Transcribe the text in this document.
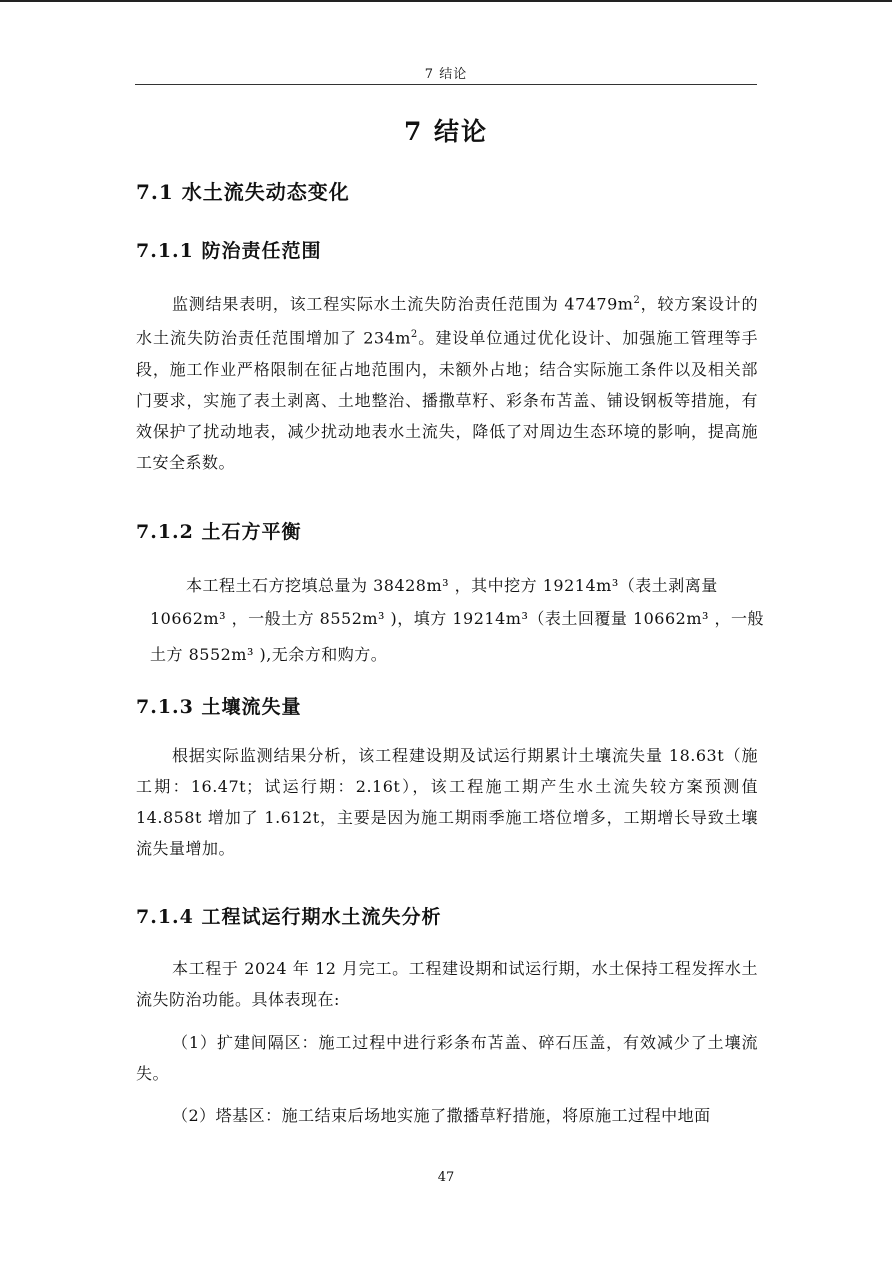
7 结论
7 结论
7.1 水土流失动态变化
7.1.1 防治责任范围

监测结果表明，该工程实际水土流失防治责任范围为 $47479m^2$，较方案设计的水土流失防治责任范围增加了 $234m^2$。建设单位通过优化设计、加强施工管理等手段，施工作业严格限制在征占地范围内，未额外占地；结合实际施工条件以及相关部门要求，实施了表土剥离、土地整治、播撒草籽、彩条布苫盖、铺设钢板等措施，有效保护了扰动地表，减少扰动地表水土流失，降低了对周边生态环境的影响，提高施工安全系数。

7.1.2 土石方平衡
本工程土石方挖填总量为 38428m³ ，其中挖方 19214m³（表土剥离量
10662m³ ，一般土方 8552m³ )，填方 19214m³（表土回覆量 10662m³ ，一般
土方 8552m³ ),无余方和购方。
7.1.3 土壤流失量

根据实际监测结果分析，该工程建设期及试运行期累计土壤流失量 18.63t（施工期：16.47t；试运行期：2.16t），该工程施工期产生水土流失较方案预测值 14.858t 增加了 1.612t，主要是因为施工期雨季施工塔位增多，工期增长导致土壤流失量增加。

7.1.4 工程试运行期水土流失分析

本工程于 2024 年 12 月完工。工程建设期和试运行期，水土保持工程发挥水土流失防治功能。具体表现在:

（1）扩建间隔区：施工过程中进行彩条布苫盖、碎石压盖，有效减少了土壤流失。

（2）塔基区：施工结束后场地实施了撒播草籽措施，将原施工过程中地面

47
